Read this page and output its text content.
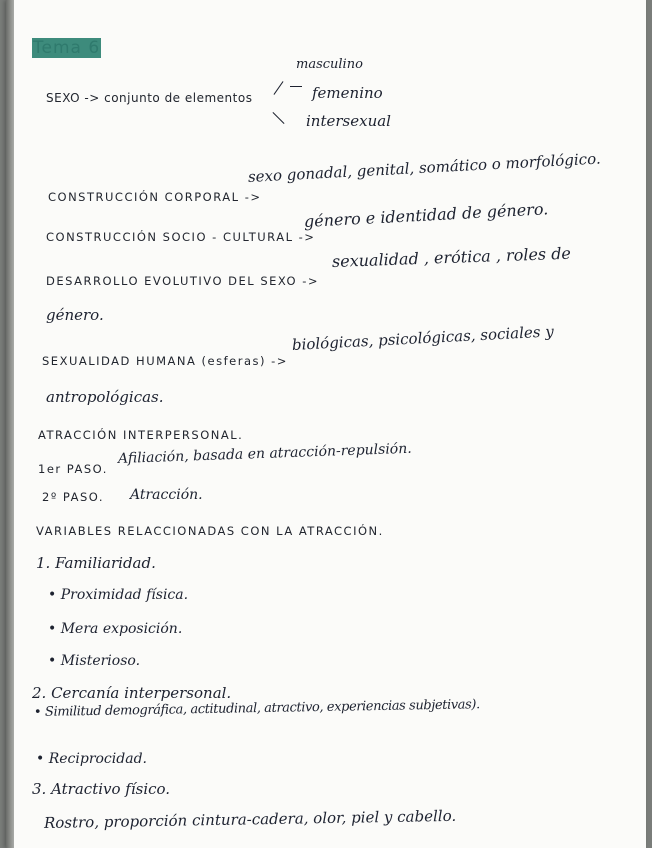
Tema 6
SEXO -> conjunto de elementos
masculino
femenino
intersexual
CONSTRUCCIÓN CORPORAL ->
sexo gonadal, genital, somático o morfológico.
CONSTRUCCIÓN SOCIO - CULTURAL ->
género e identidad de género.
DESARROLLO EVOLUTIVO DEL SEXO ->
sexualidad , erótica , roles de
género.
SEXUALIDAD HUMANA (esferas) ->
biológicas, psicológicas, sociales y
antropológicas.
ATRACCIÓN INTERPERSONAL.
1er PASO.
Afiliación, basada en atracción-repulsión.
2º PASO. Atracción.
VARIABLES RELACCIONADAS CON LA ATRACCIÓN.
1. Familiaridad.
• Proximidad física.
• Mera exposición.
• Misterioso.
2. Cercanía interpersonal.
• Similitud demográfica, actitudinal, atractivo, experiencias subjetivas).
• Reciprocidad.
3. Atractivo físico.
Rostro, proporción cintura-cadera, olor, piel y cabello.
